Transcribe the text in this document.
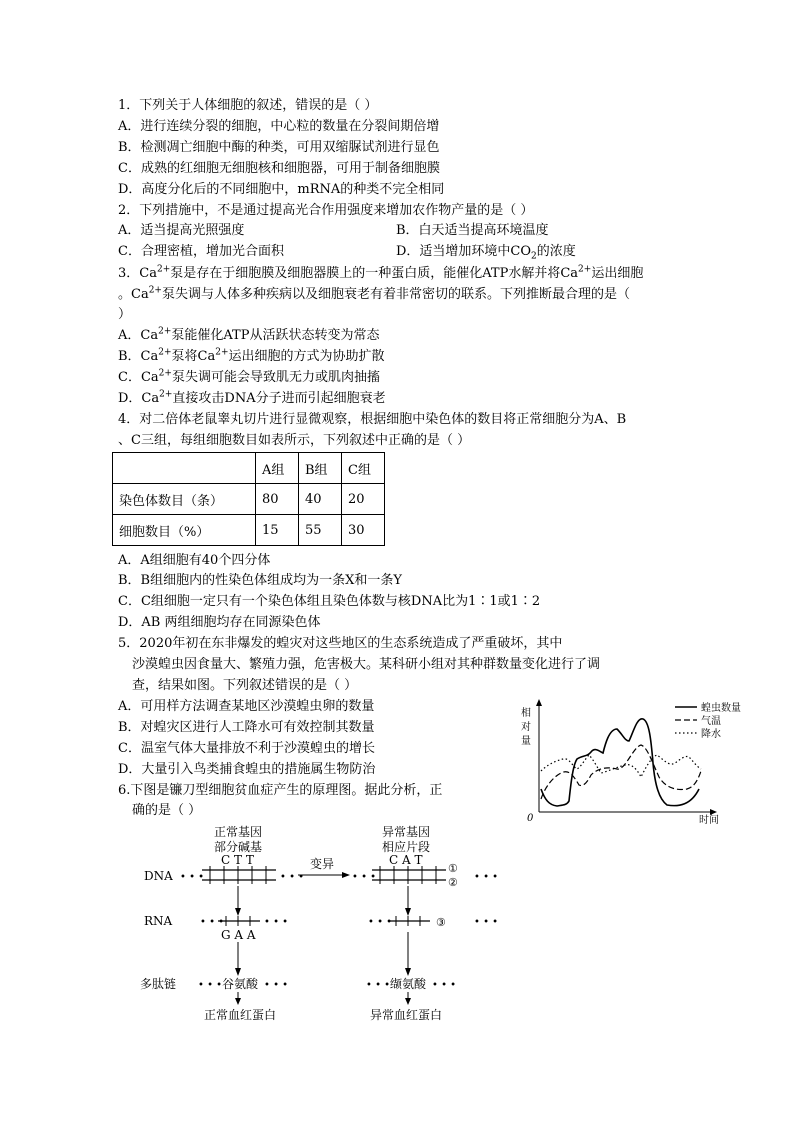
1．下列关于人体细胞的叙述，错误的是（ ）
A．进行连续分裂的细胞，中心粒的数量在分裂间期倍增
B．检测凋亡细胞中酶的种类，可用双缩脲试剂进行显色
C．成熟的红细胞无细胞核和细胞器，可用于制备细胞膜
D．高度分化后的不同细胞中，mRNA的种类不完全相同
2．下列措施中，不是通过提高光合作用强度来增加农作物产量的是（ ）
A．适当提高光照强度	B．白天适当提高环境温度
C．合理密植，增加光合面积	D．适当增加环境中$CO_2$的浓度
3．$Ca^{2+}$泵是存在于细胞膜及细胞器膜上的一种蛋白质，能催化ATP水解并将$Ca^{2+}$运出细胞
。$Ca^{2+}$泵失调与人体多种疾病以及细胞衰老有着非常密切的联系。下列推断最合理的是（
）
A．$Ca^{2+}$泵能催化ATP从活跃状态转变为常态
B．$Ca^{2+}$泵将$Ca^{2+}$运出细胞的方式为协助扩散
C．$Ca^{2+}$泵失调可能会导致肌无力或肌肉抽搐
D．$Ca^{2+}$直接攻击DNA分子进而引起细胞衰老
4．对二倍体老鼠睾丸切片进行显微观察，根据细胞中染色体的数目将正常细胞分为A、B
、C三组，每组细胞数目如表所示，下列叙述中正确的是（ ）
	A组	B组	C组
染色体数目（条）	80	40	20
细胞数目（%）	15	55	30
A．A组细胞有40个四分体
B．B组细胞内的性染色体组成均为一条X和一条Y
C．C组细胞一定只有一个染色体组且染色体数与核DNA比为1∶1或1∶2
D．AB 两组细胞均存在同源染色体
5．2020年初在东非爆发的蝗灾对这些地区的生态系统造成了严重破坏，其中
沙漠蝗虫因食量大、繁殖力强，危害极大。某科研小组对其种群数量变化进行了调
查，结果如图。下列叙述错误的是（ ）
A．可用样方法调查某地区沙漠蝗虫卵的数量
B．对蝗灾区进行人工降水可有效控制其数量
C．温室气体大量排放不利于沙漠蝗虫的增长
D．大量引入鸟类捕食蝗虫的措施属生物防治
相
对
量
0	时间
蝗虫数量
气温
降水
6.下图是镰刀型细胞贫血症产生的原理图。据此分析，正
确的是（ ）
正常基因
部分碱基
C T T
异常基因
相应片段
C A T
DNA
RNA
多肽链
• • •	• • •
变异
• • •
①
② • • •
• • •	• • •
G A A
• • •	③	• • •
• • • 谷氨酸 • • •	• • • 缬氨酸 • • •
正常血红蛋白	异常血红蛋白
